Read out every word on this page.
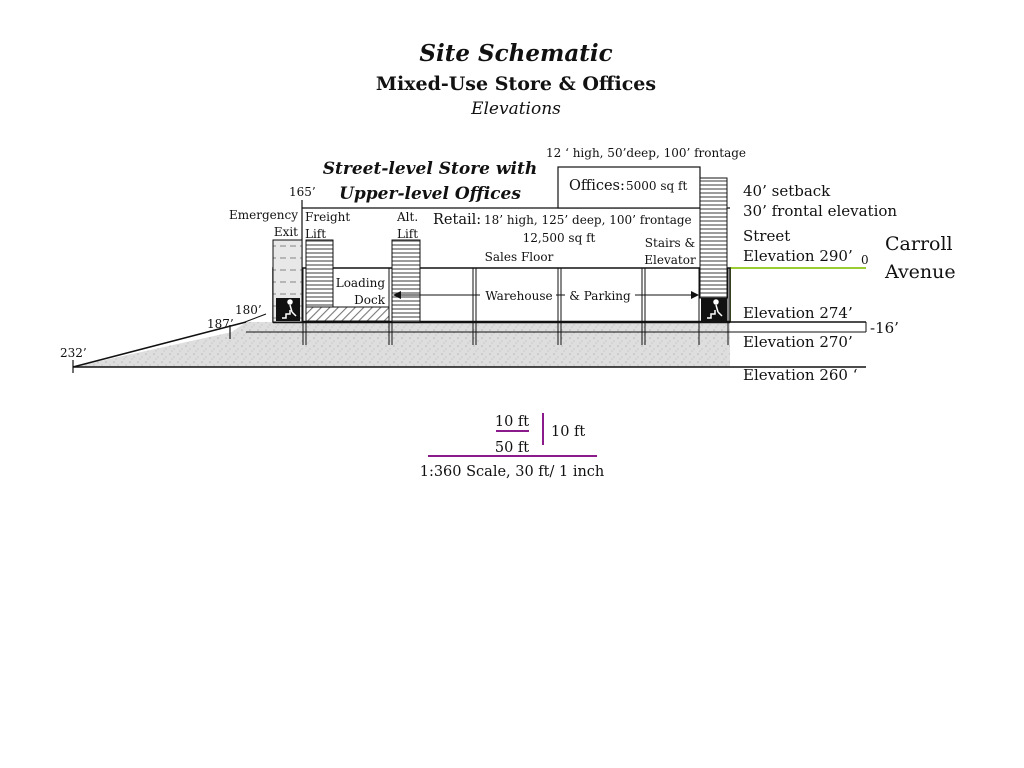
Site Schematic
Mixed-Use Store & Offices
Elevations
12 ‘ high, 50’deep, 100’ frontage
Offices: 5000 sq ft
Street-level Store with
Upper-level Offices
Retail: 18’ high, 125’ deep, 100’ frontage
12,500 sq ft
Sales Floor
Stairs &
Elevator
Emergency
Exit
Freight
Lift
Alt.
Lift
Loading
Dock	Warehouse & Parking
165’
180’
187’
232’
0
-16’
40’ setback
30’ frontal elevation
Street
Elevation 290’
Elevation 274’
Elevation 270’
Elevation 260 ‘
Carroll
Avenue
10 ft
10 ft
50 ft
1:360 Scale, 30 ft/ 1 inch
